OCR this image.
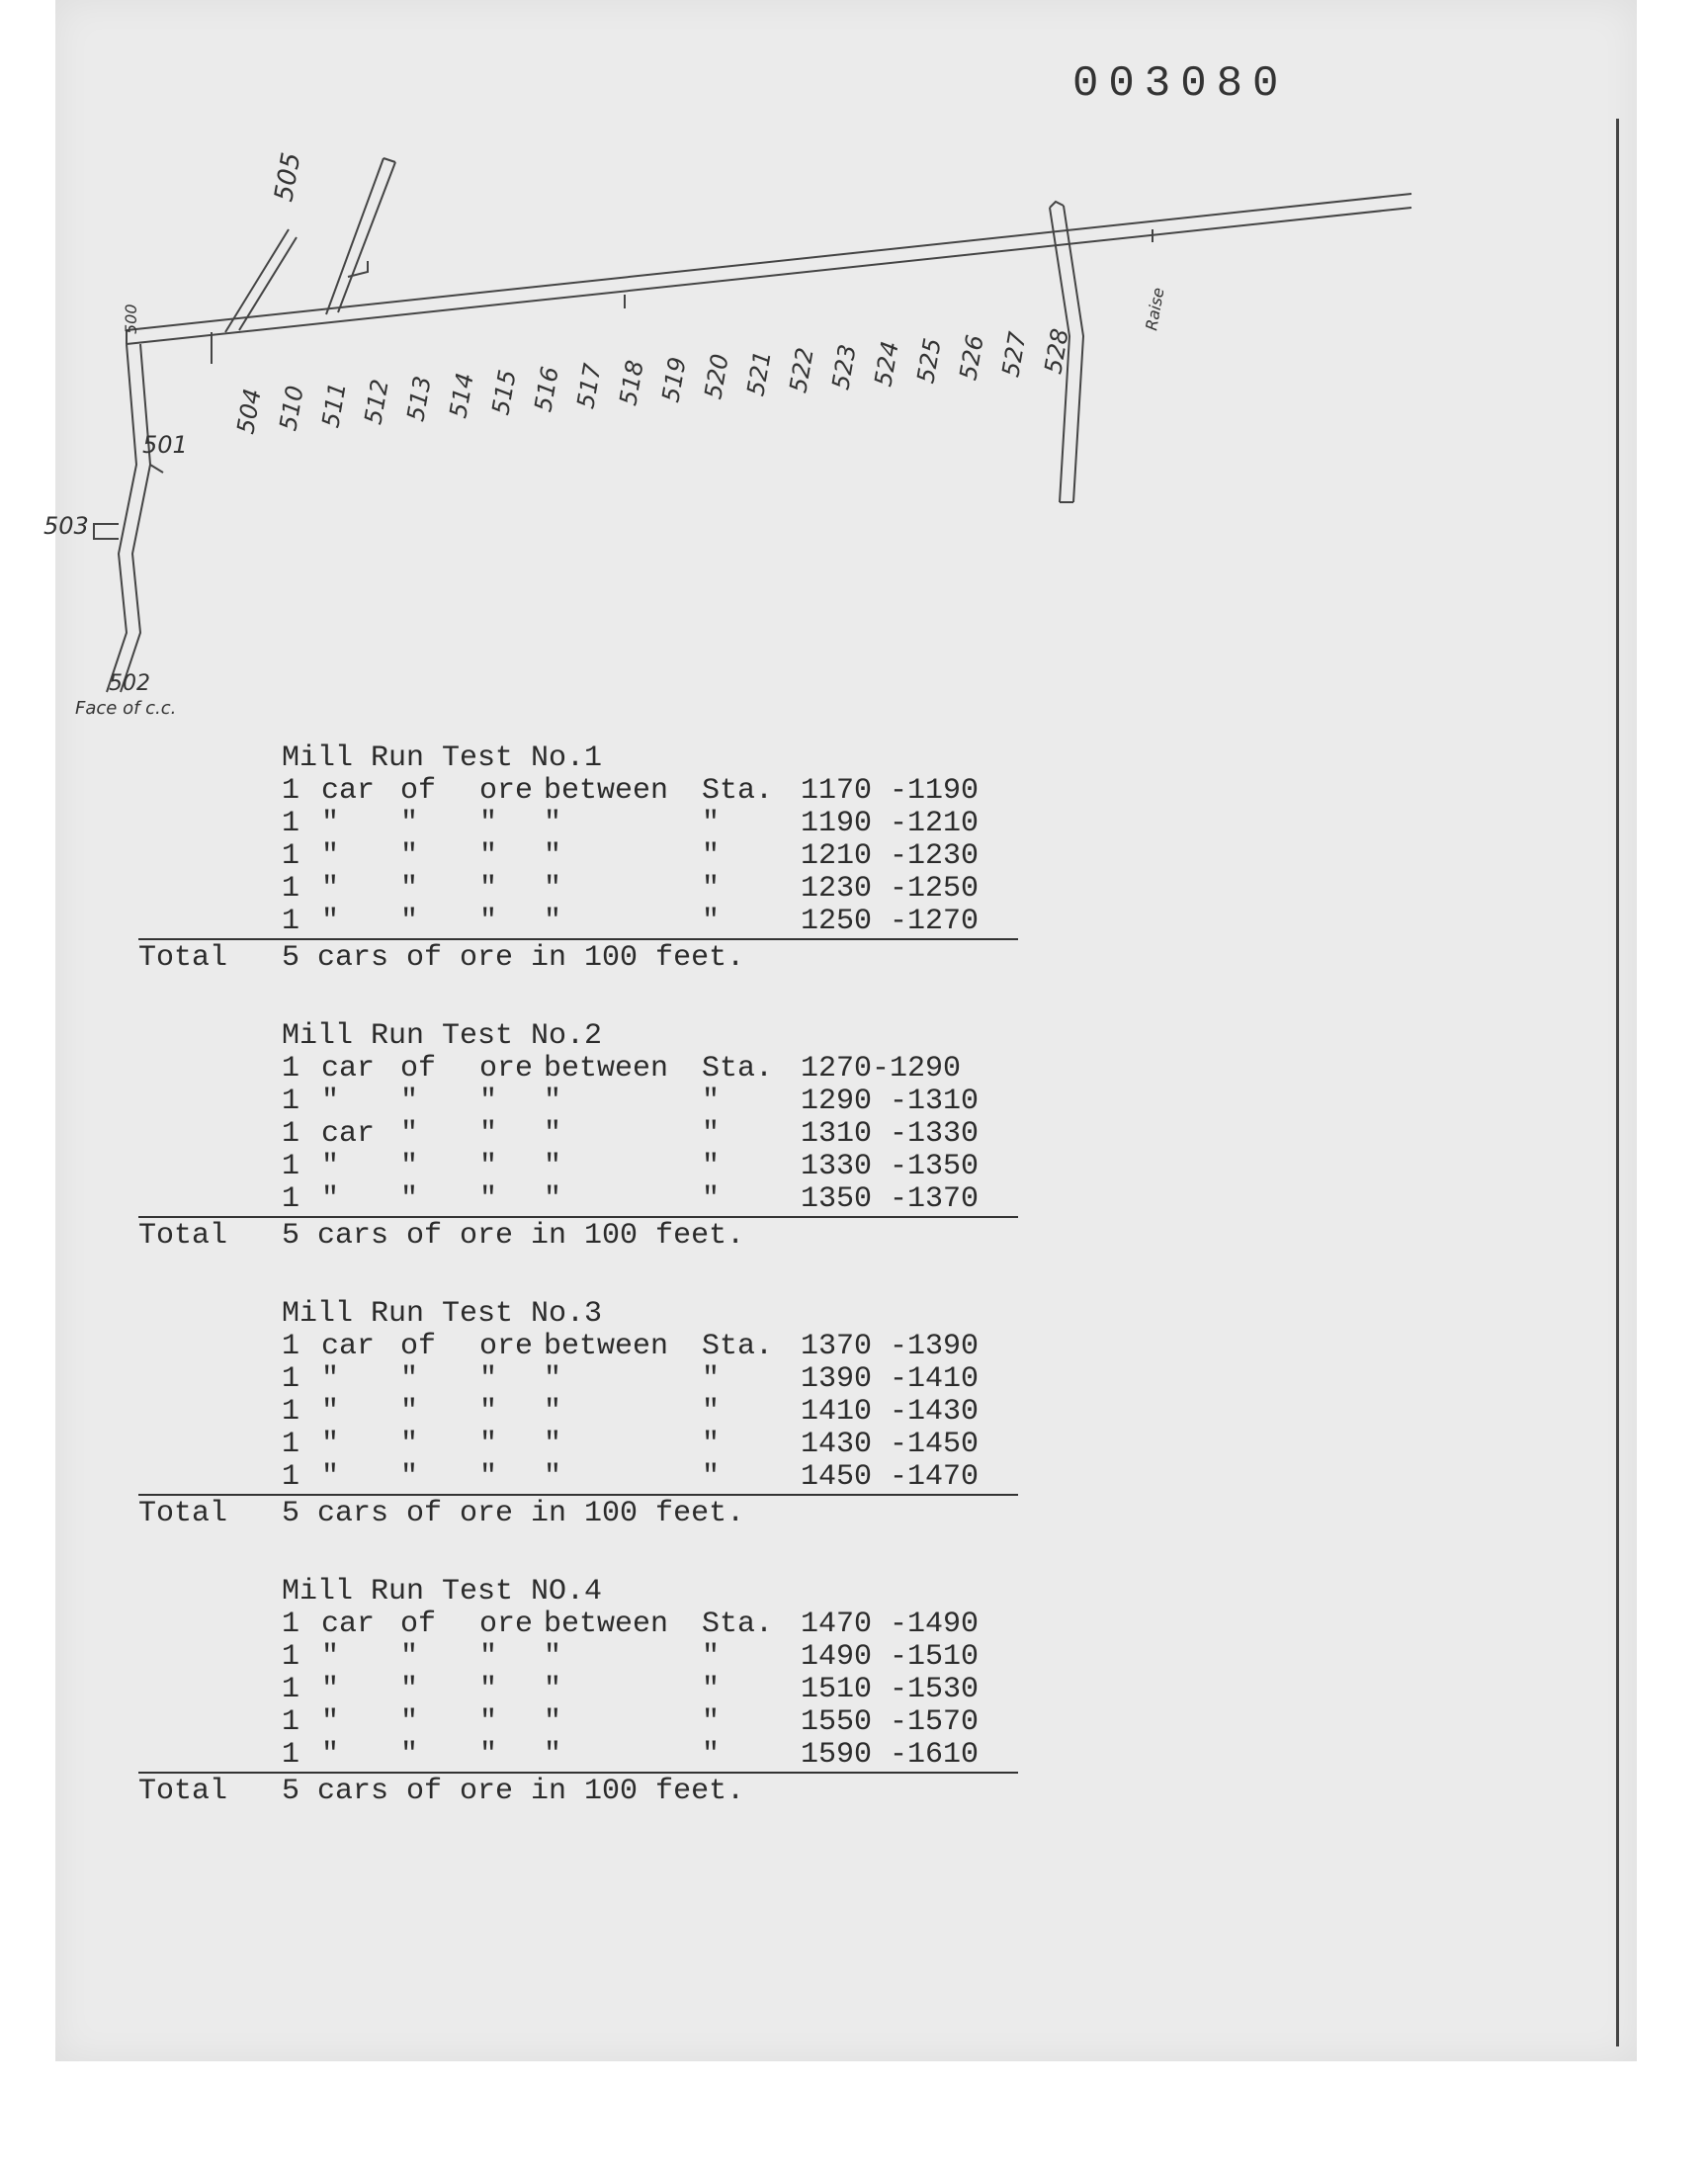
003080
504 510 511 512 513 514 515 516 517 518 519 520 521 522 523 524 525 526 527 528
505
500
501
503
502
Face of c.c.
Raise
Mill Run Test No.1
1 car of ore between Sta. 1170 -1190
1 " " " "	"	1190 -1210
1 " " " "	"	1210 -1230
1 " " " "	"	1230 -1250
1 " " " "	"	1250 -1270
Total 5 cars of ore in 100 feet.
Mill Run Test No.2
1 car of ore between Sta. 1270- 1290
1 " " " "	"	1290 -1310
1 car " " "	"	1310 -1330
1 " " " "	"	1330 -1350
1 " " " "	"	1350 -1370
Total 5 cars of ore in 100 feet.
Mill Run Test No.3
1 car of ore between Sta. 1370 -1390
1 " " " "	"	1390 -1410
1 " " " "	"	1410 -1430
1 " " " "	"	1430 -1450
1 " " " "	"	1450 -1470
Total 5 cars of ore in 100 feet.
Mill Run Test NO.4
1 car of ore between Sta. 1470 -1490
1 " " " "	"	1490 -1510
1 " " " "	"	1510 -1530
1 " " " "	"	1550 -1570
1 " " " "	"	1590 -1610
Total 5 cars of ore in 100 feet.
